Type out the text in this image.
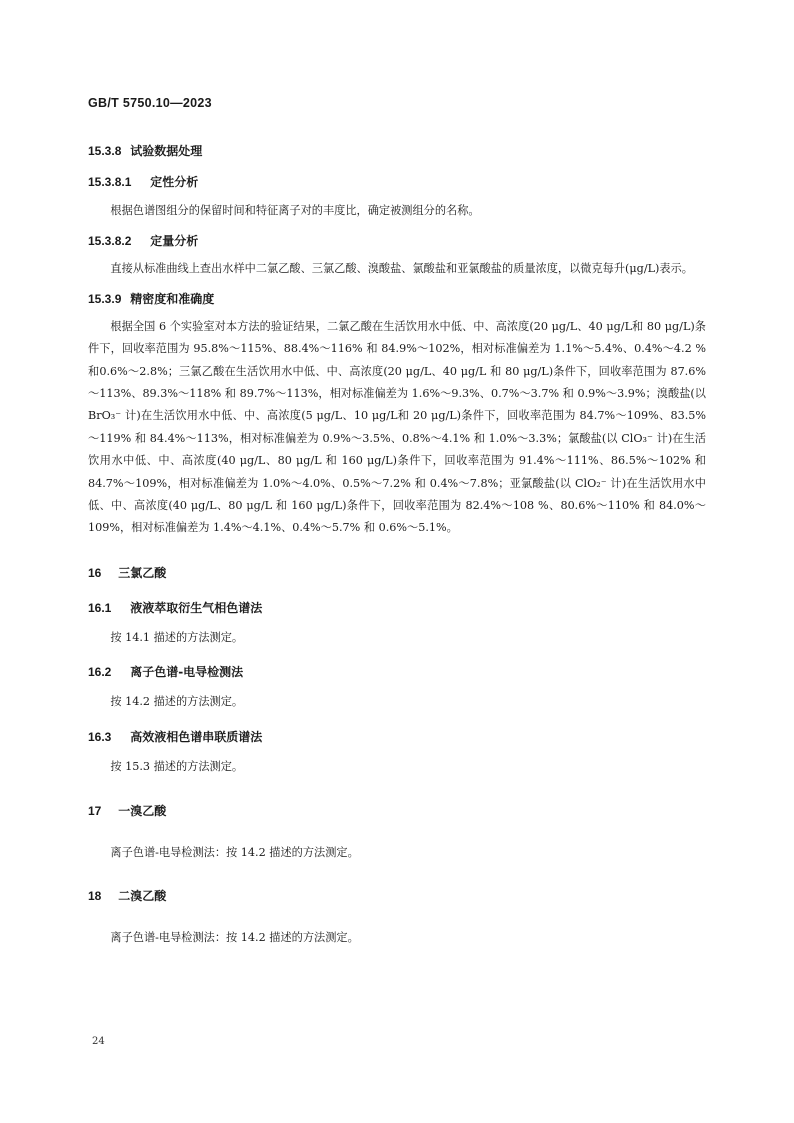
GB/T 5750.10—2023
15.3.8 试验数据处理
15.3.8.1 定性分析

根据色谱图组分的保留时间和特征离子对的丰度比，确定被测组分的名称。

15.3.8.2 定量分析

直接从标准曲线上查出水样中二氯乙酸、三氯乙酸、溴酸盐、氯酸盐和亚氯酸盐的质量浓度，以微克每升(μg/L)表示。

15.3.9 精密度和准确度

根据全国 6 个实验室对本方法的验证结果，二氯乙酸在生活饮用水中低、中、高浓度(20 μg/L、40 μg/L和 80 μg/L)条件下，回收率范围为 95.8%～115%、88.4%～116% 和 84.9%～102%，相对标准偏差为 1.1%～5.4%、0.4%～4.2 %和0.6%～2.8%；三氯乙酸在生活饮用水中低、中、高浓度(20 μg/L、40 μg/L 和 80 μg/L)条件下，回收率范围为 87.6%～113%、89.3%～118% 和 89.7%～113%，相对标准偏差为 1.6%～9.3%、0.7%～3.7% 和 0.9%～3.9%；溴酸盐(以 BrO₃⁻ 计)在生活饮用水中低、中、高浓度(5 μg/L、10 μg/L和 20 μg/L)条件下，回收率范围为 84.7%～109%、83.5%～119% 和 84.4%～113%，相对标准偏差为 0.9%～3.5%、0.8%～4.1% 和 1.0%～3.3%；氯酸盐(以 ClO₃⁻ 计)在生活饮用水中低、中、高浓度(40 μg/L、80 μg/L 和 160 μg/L)条件下，回收率范围为 91.4%～111%、86.5%～102% 和 84.7%～109%，相对标准偏差为 1.0%～4.0%、0.5%～7.2% 和 0.4%～7.8%；亚氯酸盐(以 ClO₂⁻ 计)在生活饮用水中低、中、高浓度(40 μg/L、80 μg/L 和 160 μg/L)条件下，回收率范围为 82.4%～108 %、80.6%～110% 和 84.0%～109%，相对标准偏差为 1.4%～4.1%、0.4%～5.7% 和 0.6%～5.1%。

16 三氯乙酸
16.1 液液萃取衍生气相色谱法

按 14.1 描述的方法测定。

16.2 离子色谱-电导检测法

按 14.2 描述的方法测定。

16.3 高效液相色谱串联质谱法

按 15.3 描述的方法测定。

17 一溴乙酸

离子色谱-电导检测法：按 14.2 描述的方法测定。

18 二溴乙酸

离子色谱-电导检测法：按 14.2 描述的方法测定。

24
